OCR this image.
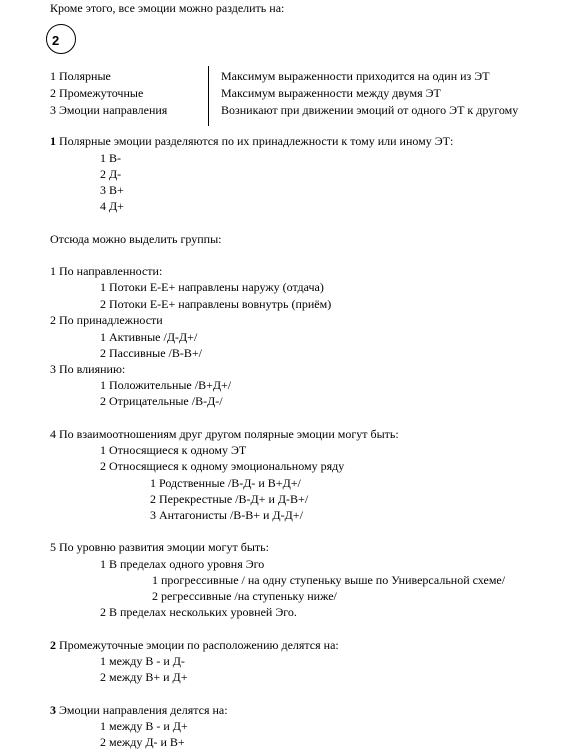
Кроме этого, все эмоции можно разделить на:
2
1 Полярные	Максимум выраженности приходится на один из ЭТ
2 Промежуточные	Максимум выраженности между двумя ЭТ
3 Эмоции направления	Возникают при движении эмоций от одного ЭТ к другому
1 Полярные эмоции разделяются по их принадлежности к тому или иному ЭТ:
1 В-
2 Д-
3 В+
4 Д+
Отсюда можно выделить группы:
1 По направленности:
1 Потоки Е-Е+ направлены наружу (отдача)
2 Потоки Е-Е+ направлены вовнутрь (приём)
2 По принадлежности
1 Активные /Д-Д+/
2 Пассивные /В-В+/
3 По влиянию:
1 Положительные /В+Д+/
2 Отрицательные /В-Д-/
4 По взаимоотношениям друг другом полярные эмоции могут быть:
1 Относящиеся к одному ЭТ
2 Относящиеся к одному эмоциональному ряду
1 Родственные /В-Д- и В+Д+/
2 Перекрестные /В-Д+ и Д-В+/
3 Антагонисты /В-В+ и Д-Д+/
5 По уровню развития эмоции могут быть:
1 В пределах одного уровня Эго
1 прогрессивные / на одну ступеньку выше по Универсальной схеме/
2 регрессивные /на ступеньку ниже/
2 В пределах нескольких уровней Эго.
2 Промежуточные эмоции по расположению делятся на:
1 между В - и Д-
2 между В+ и Д+
3 Эмоции направления делятся на:
1 между В - и Д+
2 между Д- и В+
